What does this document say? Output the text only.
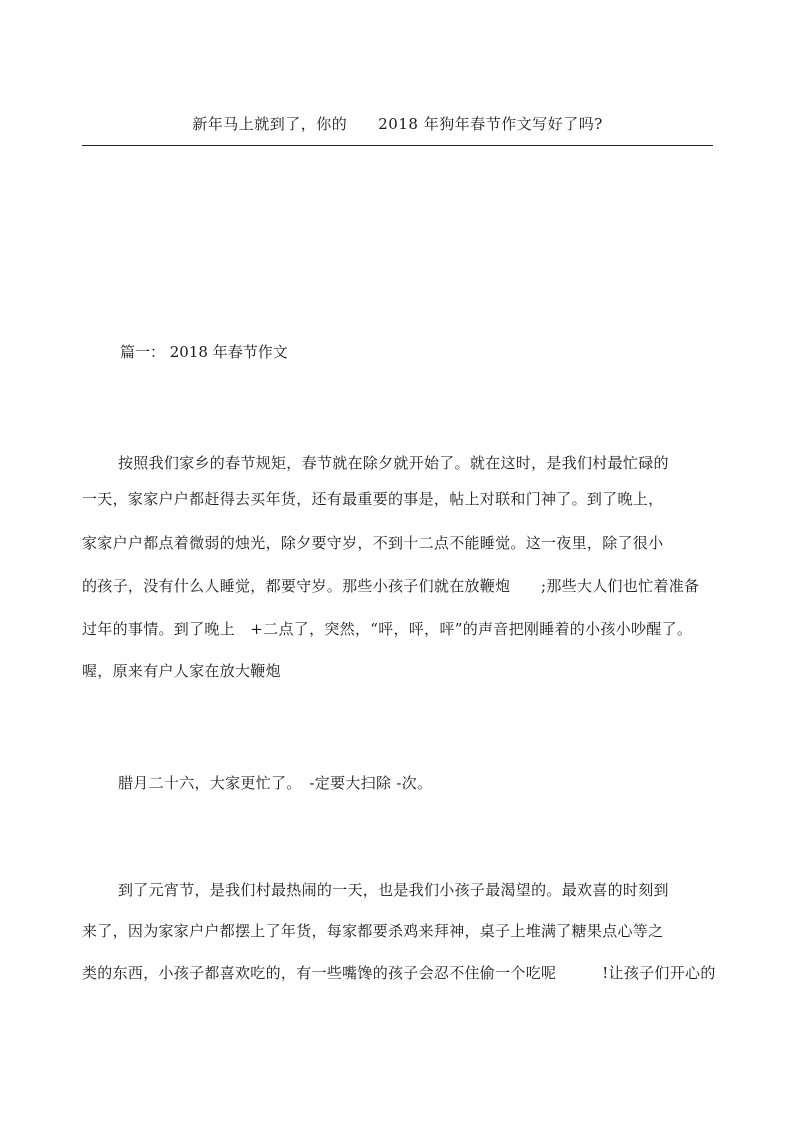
新年马上就到了，你的　　2018 年狗年春节作文写好了吗?
篇一： 2018 年春节作文
按照我们家乡的春节规矩，春节就在除夕就开始了。就在这时，是我们村最忙碌的
一天，家家户户都赶得去买年货，还有最重要的事是，帖上对联和门神了。到了晚上，
家家户户都点着微弱的烛光，除夕要守岁，不到十二点不能睡觉。这一夜里，除了很小
的孩子，没有什么人睡觉，都要守岁。那些小孩子们就在放鞭炮　　;那些大人们也忙着准备
过年的事情。到了晚上　+二点了，突然，“呯，呯，呯”的声音把刚睡着的小孩小吵醒了。
喔，原来有户人家在放大鞭炮
腊月二十六，大家更忙了。　-定要大扫除 -次。
到了元宵节，是我们村最热闹的一天，也是我们小孩子最渴望的。最欢喜的时刻到
来了，因为家家户户都摆上了年货，每家都要杀鸡来拜神，桌子上堆满了糖果点心等之
类的东西，小孩子都喜欢吃的，有一些嘴馋的孩子会忍不住偷一个吃呢　　　!让孩子们开心的
